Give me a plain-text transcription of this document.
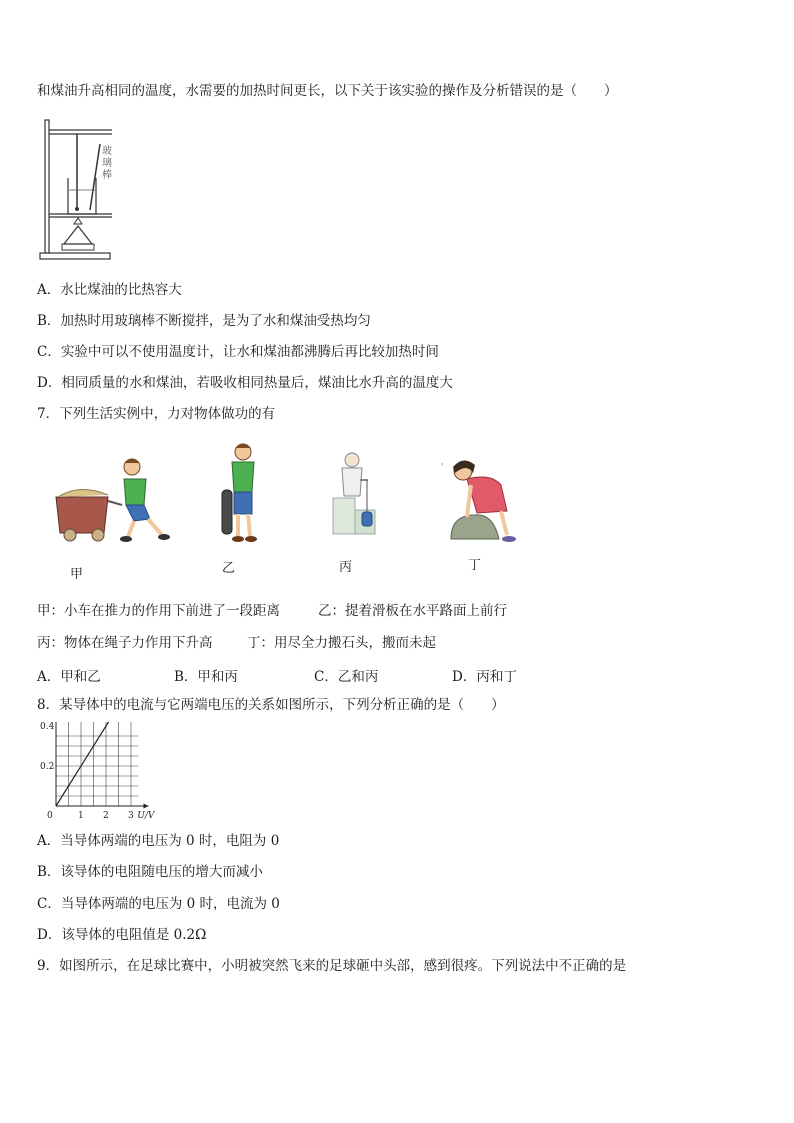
和煤油升高相同的温度，水需要的加热时间更长，以下关于该实验的操作及分析错误的是（　　）
玻
璃
棒
A．水比煤油的比热容大
B．加热时用玻璃棒不断搅拌，是为了水和煤油受热均匀
C．实验中可以不使用温度计，让水和煤油都沸腾后再比较加热时间
D．相同质量的水和煤油，若吸收相同热量后，煤油比水升高的温度大
7．下列生活实例中，力对物体做功的有
'
甲	乙	丙	丁
甲：小车在推力的作用下前进了一段距离	乙：提着滑板在水平路面上前行
丙：物体在绳子力作用下升高	丁：用尽全力搬石头，搬而未起
A．甲和乙	B．甲和丙	C．乙和丙	D．丙和丁
8．某导体中的电流与它两端电压的关系如图所示，下列分析正确的是（　　）
1 2 3
0.2
0.4
0	U/V
A．当导体两端的电压为 0 时，电阻为 0
B．该导体的电阻随电压的增大而减小
C．当导体两端的电压为 0 时，电流为 0
D．该导体的电阻值是 0.2Ω
9．如图所示，在足球比赛中，小明被突然飞来的足球砸中头部，感到很疼。下列说法中不正确的是
